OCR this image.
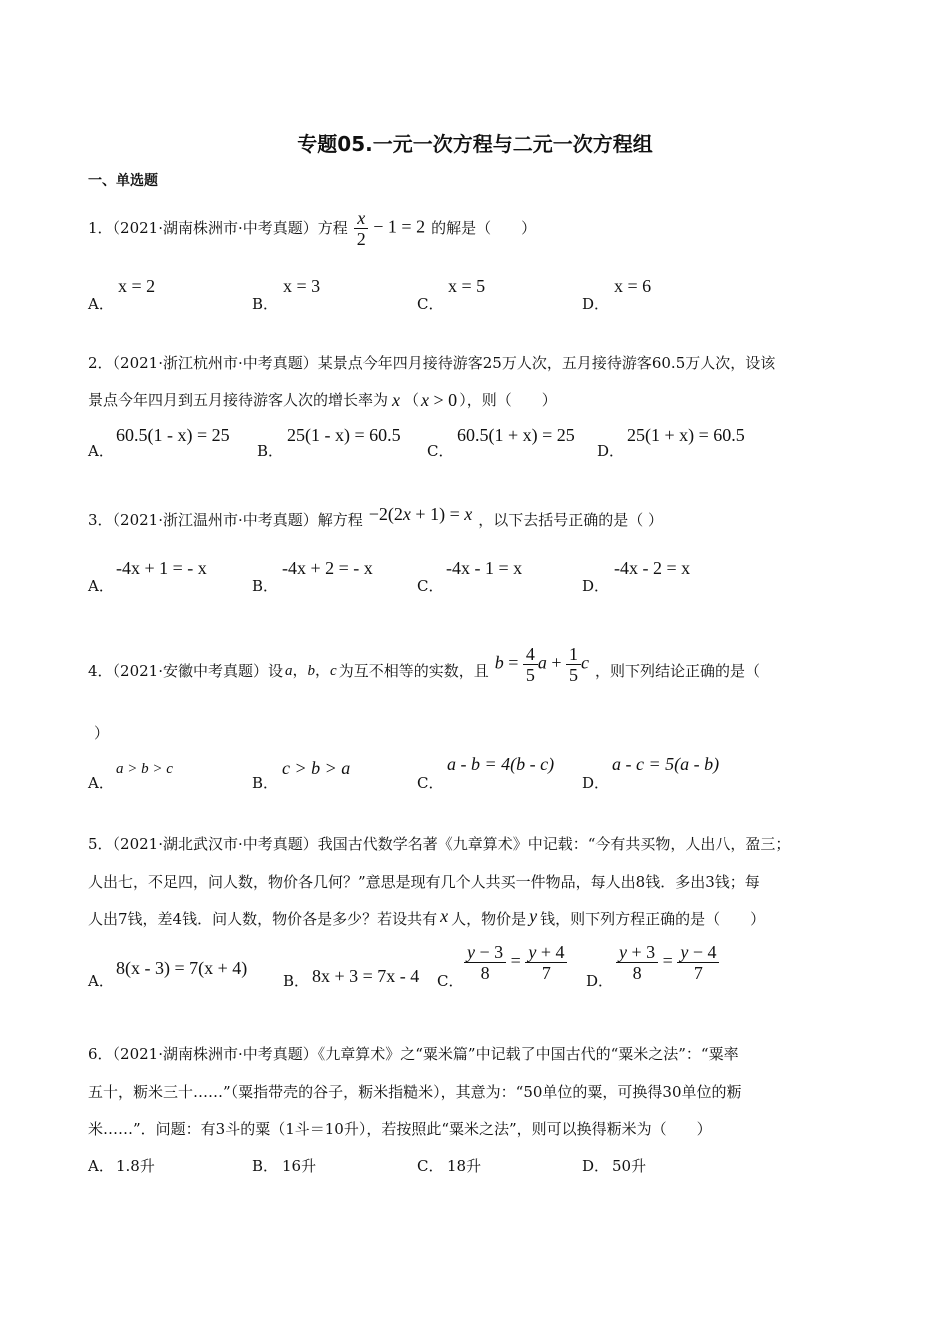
专题05.一元一次方程与二元一次方程组
一、单选题
1．（2021·湖南株洲市·中考真题）方程 $\frac{x}{2} - 1 = 2$ 的解是（　　）
A．
x = 2
B．
x = 3
C．
x = 5
D．
x = 6
2．（2021·浙江杭州市·中考真题）某景点今年四月接待游客25万人次，五月接待游客60.5万人次，设该
景点今年四月到五月接待游客人次的增长率为 x （ x > 0 ），则（　　）
A．
60.5(1 - x) = 25
B．
25(1 - x) = 60.5
C．
60.5(1 + x) = 25
D．
25(1 + x) = 60.5
3．（2021·浙江温州市·中考真题）解方程 −2(2x + 1) = x ，以下去括号正确的是（ ）
A．
-4x + 1 = - x
B．
-4x + 2 = - x
C．
-4x - 1 = x
D．
-4x - 2 = x
4．（2021·安徽中考真题）设 a，b，c 为互不相等的实数，且 $b = \frac{4}{5}$ $a + \frac{1}{5}$ c ，则下列结论正确的是（
）
A．
a > b > c
B．
c > b > a
C．
a - b = 4(b - c)
D．
a - c = 5(a - b)
5．（2021·湖北武汉市·中考真题）我国古代数学名著《九章算术》中记载：“今有共买物，人出八，盈三；
人出七，不足四，问人数，物价各几何？”意思是现有几个人共买一件物品，每人出8钱．多出3钱；每
人出7钱，差4钱．问人数，物价各是多少？若设共有 x 人，物价是 y 钱，则下列方程正确的是（　　）
A．
8(x - 3) = 7(x + 4)
B． 8x + 3 = 7x - 4 C． $\frac{y - 3}{8} = \frac{y + 4}{7}$ D． $\frac{y + 3}{8} = \frac{y - 4}{7}$
6．（2021·湖南株洲市·中考真题）《九章算术》之“粟米篇”中记载了中国古代的“粟米之法”：“粟率
五十，粝米三十……”（粟指带壳的谷子，粝米指糙米），其意为：“50单位的粟，可换得30单位的粝
米……”．问题：有3斗的粟（1斗＝10升），若按照此“粟米之法”，则可以换得粝米为（　　）
A． 1.8升	B． 16升	C． 18升	D． 50升
